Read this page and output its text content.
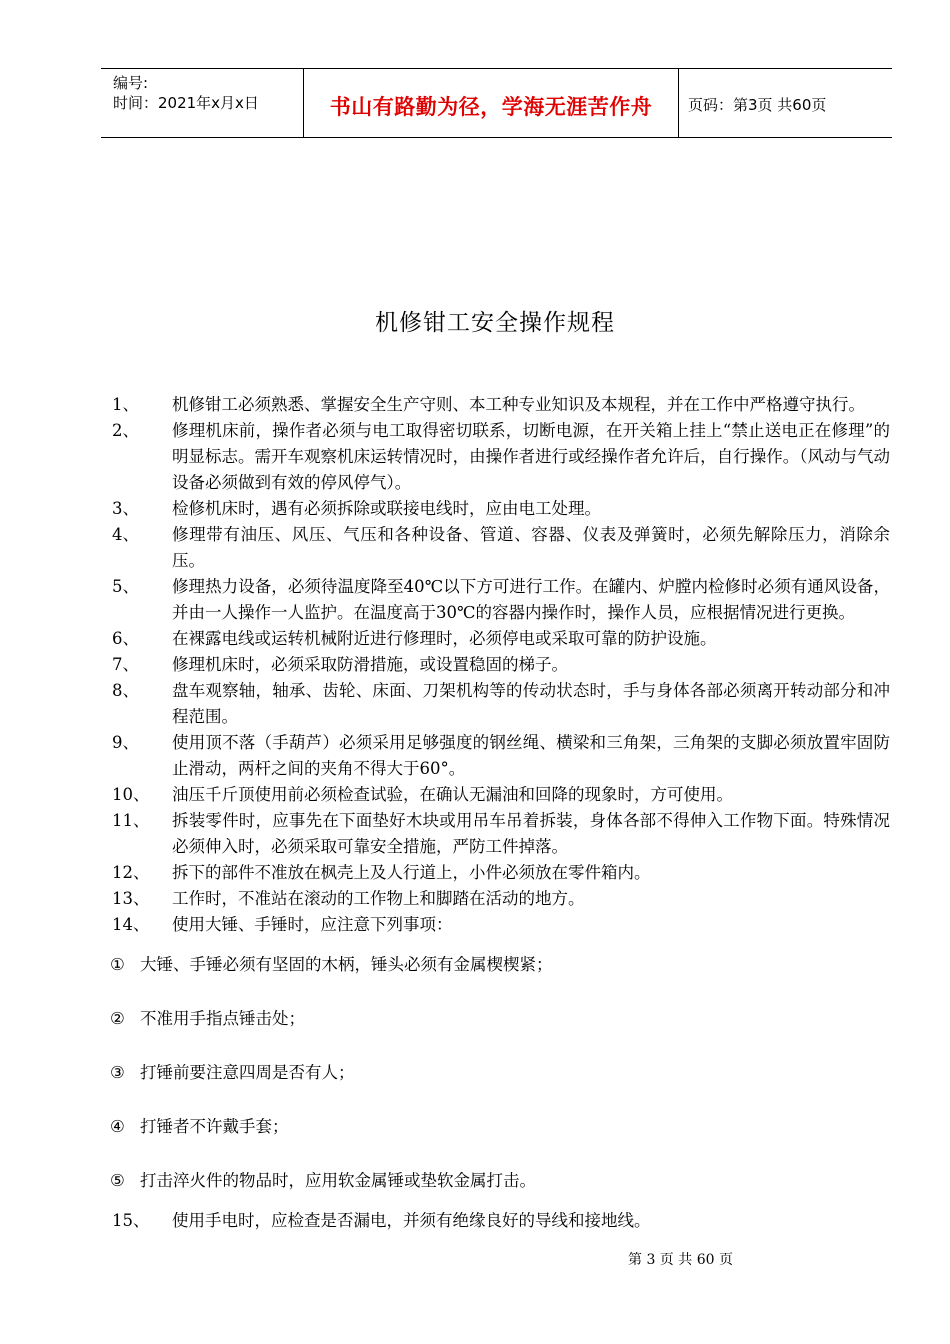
编号:
时间：2021年x月x日	书山有路勤为径，学海无涯苦作舟	页码：第3页 共60页
机修钳工安全操作规程
1、 机修钳工必须熟悉、掌握安全生产守则、本工种专业知识及本规程，并在工作中严格遵守执行。
2、 修理机床前，操作者必须与电工取得密切联系，切断电源，在开关箱上挂上“禁止送电正在修理”的明显标志。需开车观察机床运转情况时，由操作者进行或经操作者允许后，自行操作。（风动与气动设备必须做到有效的停风停气）。
3、 检修机床时，遇有必须拆除或联接电线时，应由电工处理。
4、 修理带有油压、风压、气压和各种设备、管道、容器、仪表及弹簧时，必须先解除压力，消除余压。
5、 修理热力设备，必须待温度降至40℃以下方可进行工作。在罐内、炉膛内检修时必须有通风设备，并由一人操作一人监护。在温度高于30℃的容器内操作时，操作人员，应根据情况进行更换。
6、 在裸露电线或运转机械附近进行修理时，必须停电或采取可靠的防护设施。
7、 修理机床时，必须采取防滑措施，或设置稳固的梯子。
8、 盘车观察轴，轴承、齿轮、床面、刀架机构等的传动状态时，手与身体各部必须离开转动部分和冲程范围。
9、 使用顶不落（手葫芦）必须采用足够强度的钢丝绳、横梁和三角架，三角架的支脚必须放置牢固防止滑动，两杆之间的夹角不得大于60°。
10、 油压千斤顶使用前必须检查试验，在确认无漏油和回降的现象时，方可使用。
11、 拆装零件时，应事先在下面垫好木块或用吊车吊着拆装，身体各部不得伸入工作物下面。特殊情况必须伸入时，必须采取可靠安全措施，严防工件掉落。
12、 拆下的部件不准放在枫壳上及人行道上，小件必须放在零件箱内。
13、 工作时，不准站在滚动的工作物上和脚踏在活动的地方。
14、 使用大锤、手锤时，应注意下列事项：
① 大锤、手锤必须有坚固的木柄，锤头必须有金属楔楔紧；
② 不准用手指点锤击处；
③ 打锤前要注意四周是否有人；
④ 打锤者不许戴手套；
⑤ 打击淬火件的物品时，应用软金属锤或垫软金属打击。
15、 使用手电时，应检查是否漏电，并须有绝缘良好的导线和接地线。
第 3 页 共 60 页
